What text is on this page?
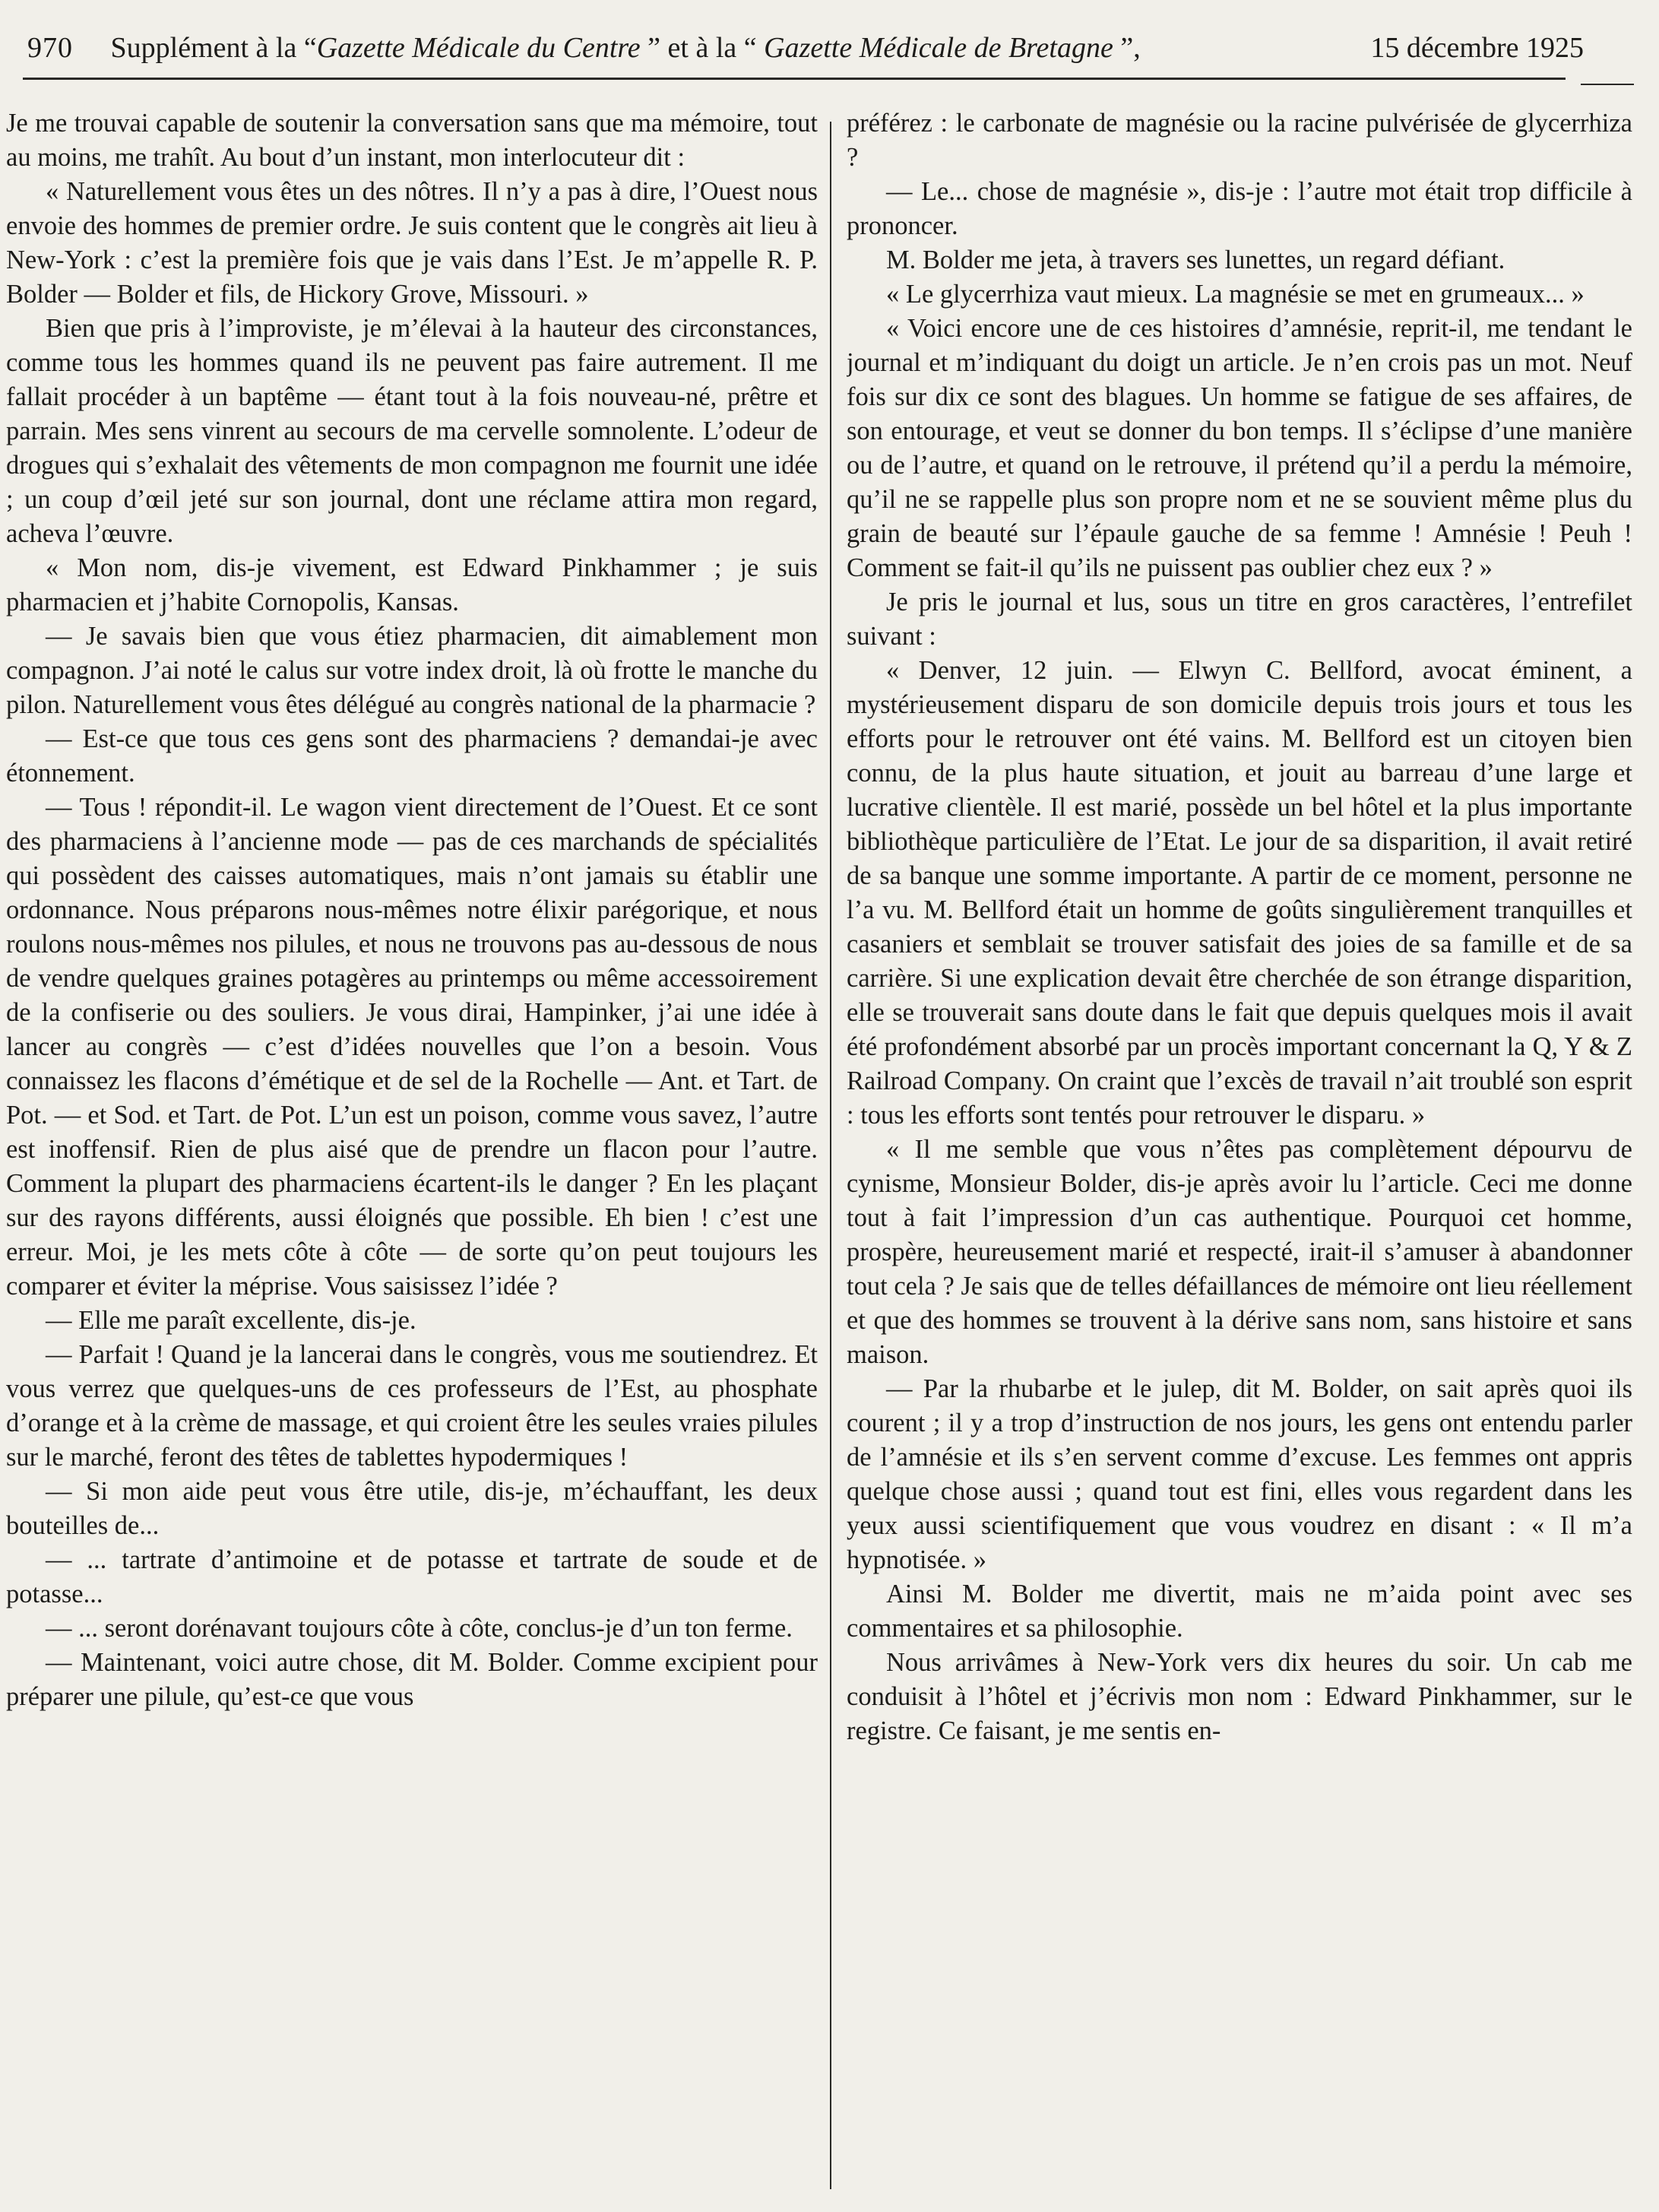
970 Supplément à la “Gazette Médicale du Centre ” et à la “ Gazette Médicale de Bretagne ”,	15 décembre 1925

Je me trouvai capable de soutenir la conversation sans que ma mémoire, tout au moins, me trahît. Au bout d’un instant, mon interlocuteur dit :

« Naturellement vous êtes un des nôtres. Il n’y a pas à dire, l’Ouest nous envoie des hommes de premier ordre. Je suis content que le congrès ait lieu à New-York : c’est la première fois que je vais dans l’Est. Je m’appelle R. P. Bolder — Bolder et fils, de Hickory Grove, Missouri. »

Bien que pris à l’improviste, je m’élevai à la hauteur des circonstances, comme tous les hommes quand ils ne peuvent pas faire autrement. Il me fallait procéder à un baptême — étant tout à la fois nouveau-né, prêtre et parrain. Mes sens vinrent au secours de ma cervelle somnolente. L’odeur de drogues qui s’exhalait des vêtements de mon compagnon me fournit une idée ; un coup d’œil jeté sur son journal, dont une réclame attira mon regard, acheva l’œuvre.

« Mon nom, dis-je vivement, est Edward Pinkhammer ; je suis pharmacien et j’habite Cornopolis, Kansas.

— Je savais bien que vous étiez pharmacien, dit aimablement mon compagnon. J’ai noté le calus sur votre index droit, là où frotte le manche du pilon. Naturellement vous êtes délégué au congrès national de la pharmacie ?

— Est-ce que tous ces gens sont des pharmaciens ? demandai-je avec étonnement.

— Tous ! répondit-il. Le wagon vient directement de l’Ouest. Et ce sont des pharmaciens à l’ancienne mode — pas de ces marchands de spécialités qui possèdent des caisses automatiques, mais n’ont jamais su établir une ordonnance. Nous préparons nous-mêmes notre élixir parégorique, et nous roulons nous-mêmes nos pilules, et nous ne trouvons pas au-dessous de nous de vendre quelques graines potagères au printemps ou même accessoirement de la confiserie ou des souliers. Je vous dirai, Hampinker, j’ai une idée à lancer au congrès — c’est d’idées nouvelles que l’on a besoin. Vous connaissez les flacons d’émétique et de sel de la Rochelle — Ant. et Tart. de Pot. — et Sod. et Tart. de Pot. L’un est un poison, comme vous savez, l’autre est inoffensif. Rien de plus aisé que de prendre un flacon pour l’autre. Comment la plupart des pharmaciens écartent-ils le danger ? En les plaçant sur des rayons différents, aussi éloignés que possible. Eh bien ! c’est une erreur. Moi, je les mets côte à côte — de sorte qu’on peut toujours les comparer et éviter la méprise. Vous saisissez l’idée ?

— Elle me paraît excellente, dis-je.

— Parfait ! Quand je la lancerai dans le congrès, vous me soutiendrez. Et vous verrez que quelques-uns de ces professeurs de l’Est, au phosphate d’orange et à la crème de massage, et qui croient être les seules vraies pilules sur le marché, feront des têtes de tablettes hypodermiques !

— Si mon aide peut vous être utile, dis-je, m’échauffant, les deux bouteilles de...

— ... tartrate d’antimoine et de potasse et tartrate de soude et de potasse...

— ... seront dorénavant toujours côte à côte, conclus-je d’un ton ferme.

— Maintenant, voici autre chose, dit M. Bolder. Comme excipient pour préparer une pilule, qu’est-ce que vous

préférez : le carbonate de magnésie ou la racine pulvérisée de glycerrhiza ?

— Le... chose de magnésie », dis-je : l’autre mot était trop difficile à prononcer.

M. Bolder me jeta, à travers ses lunettes, un regard défiant.

« Le glycerrhiza vaut mieux. La magnésie se met en grumeaux... »

« Voici encore une de ces histoires d’amnésie, reprit-il, me tendant le journal et m’indiquant du doigt un article. Je n’en crois pas un mot. Neuf fois sur dix ce sont des blagues. Un homme se fatigue de ses affaires, de son entourage, et veut se donner du bon temps. Il s’éclipse d’une manière ou de l’autre, et quand on le retrouve, il prétend qu’il a perdu la mémoire, qu’il ne se rappelle plus son propre nom et ne se souvient même plus du grain de beauté sur l’épaule gauche de sa femme ! Amnésie ! Peuh ! Comment se fait-il qu’ils ne puissent pas oublier chez eux ? »

Je pris le journal et lus, sous un titre en gros caractères, l’entrefilet suivant :

« Denver, 12 juin. — Elwyn C. Bellford, avocat éminent, a mystérieusement disparu de son domicile depuis trois jours et tous les efforts pour le retrouver ont été vains. M. Bellford est un citoyen bien connu, de la plus haute situation, et jouit au barreau d’une large et lucrative clientèle. Il est marié, possède un bel hôtel et la plus importante bibliothèque particulière de l’Etat. Le jour de sa disparition, il avait retiré de sa banque une somme importante. A partir de ce moment, personne ne l’a vu. M. Bellford était un homme de goûts singulièrement tranquilles et casaniers et semblait se trouver satisfait des joies de sa famille et de sa carrière. Si une explication devait être cherchée de son étrange disparition, elle se trouverait sans doute dans le fait que depuis quelques mois il avait été profondément absorbé par un procès important concernant la Q, Y & Z Railroad Company. On craint que l’excès de travail n’ait troublé son esprit : tous les efforts sont tentés pour retrouver le disparu. »

« Il me semble que vous n’êtes pas complètement dépourvu de cynisme, Monsieur Bolder, dis-je après avoir lu l’article. Ceci me donne tout à fait l’impression d’un cas authentique. Pourquoi cet homme, prospère, heureusement marié et respecté, irait-il s’amuser à abandonner tout cela ? Je sais que de telles défaillances de mémoire ont lieu réellement et que des hommes se trouvent à la dérive sans nom, sans histoire et sans maison.

— Par la rhubarbe et le julep, dit M. Bolder, on sait après quoi ils courent ; il y a trop d’instruction de nos jours, les gens ont entendu parler de l’amnésie et ils s’en servent comme d’excuse. Les femmes ont appris quelque chose aussi ; quand tout est fini, elles vous regardent dans les yeux aussi scientifiquement que vous voudrez en disant : « Il m’a hypnotisée. »

Ainsi M. Bolder me divertit, mais ne m’aida point avec ses commentaires et sa philosophie.

Nous arrivâmes à New-York vers dix heures du soir. Un cab me conduisit à l’hôtel et j’écrivis mon nom : Edward Pinkhammer, sur le registre. Ce faisant, je me sentis en-
